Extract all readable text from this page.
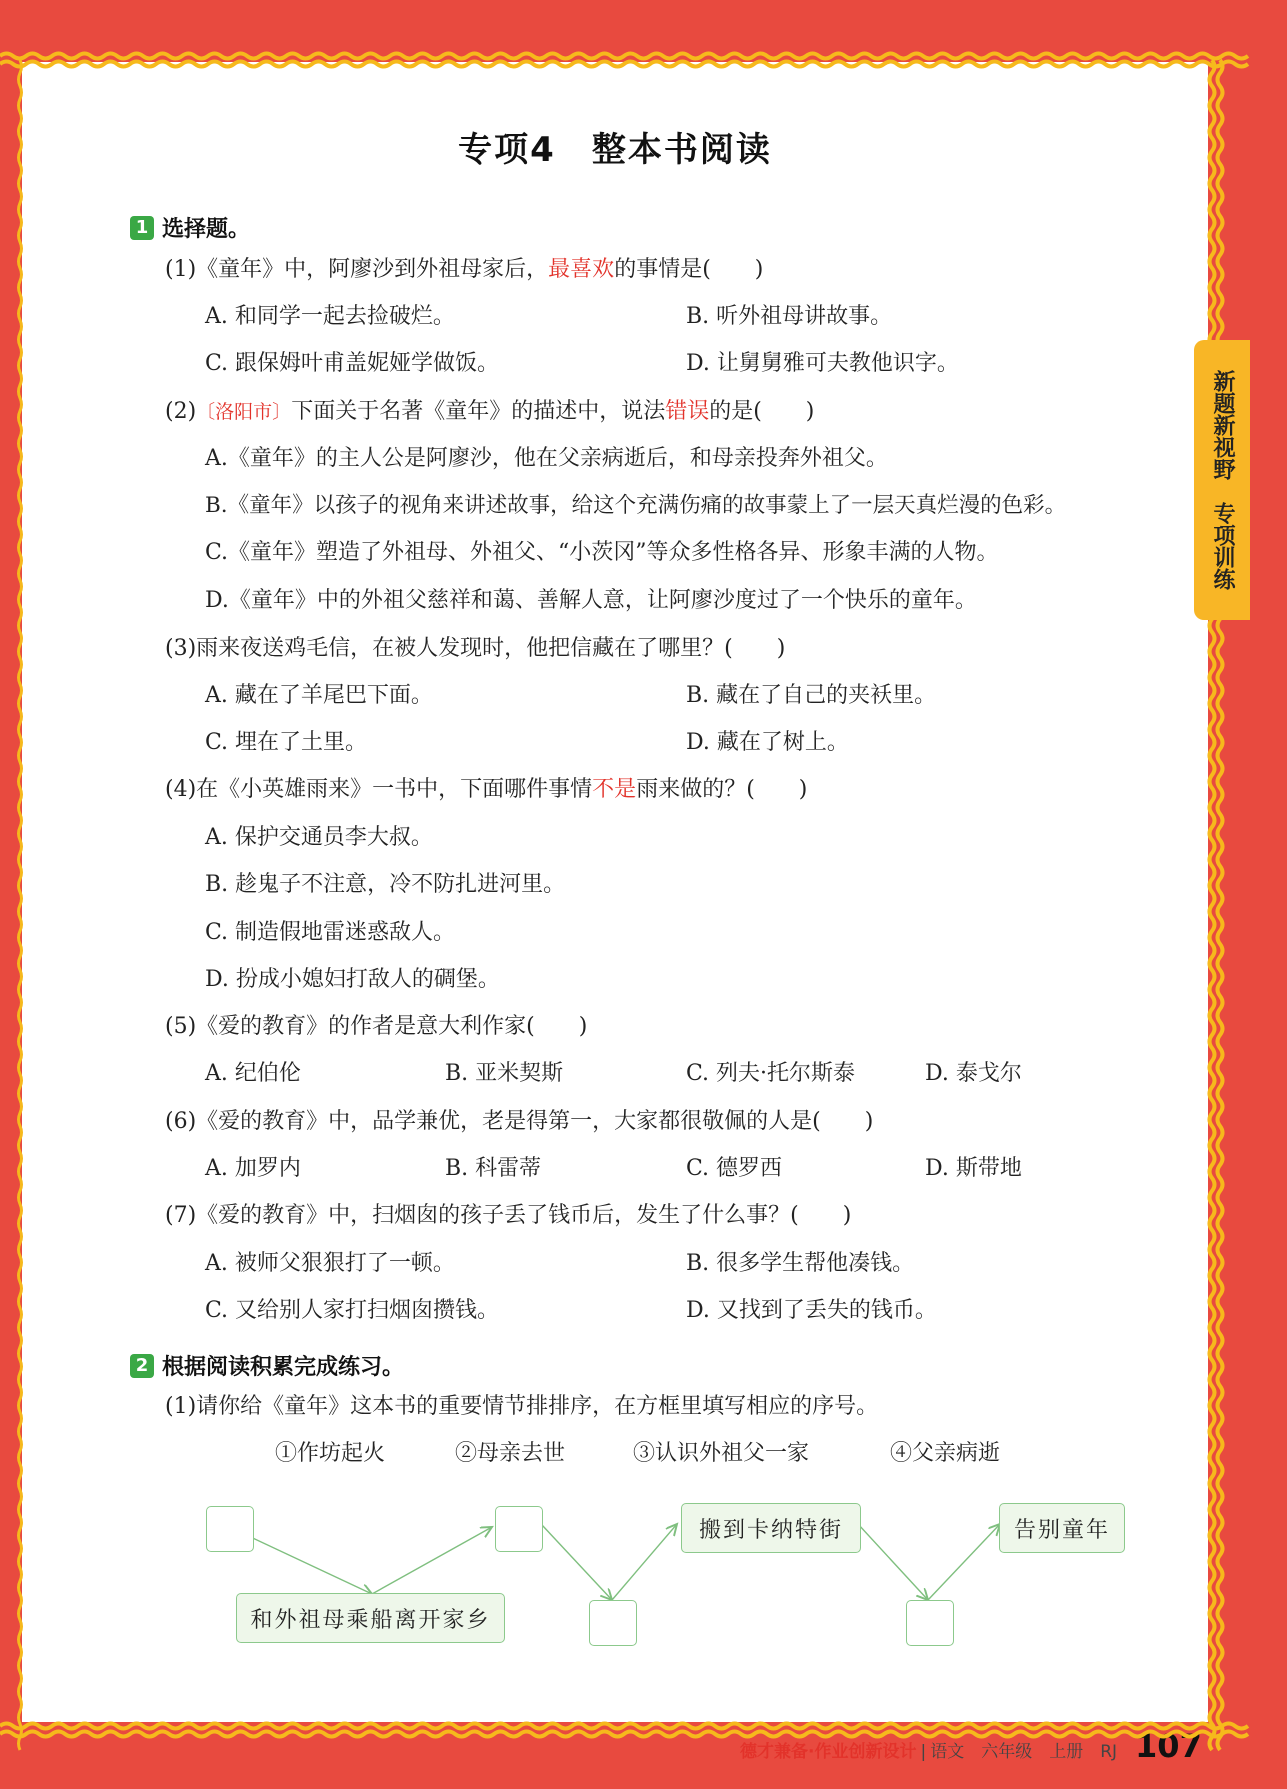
专项4　整本书阅读
1 选择题。
(1)《童年》中，阿廖沙到外祖母家后，最喜欢的事情是(　　)
A. 和同学一起去捡破烂。	B. 听外祖母讲故事。
C. 跟保姆叶甫盖妮娅学做饭。	D. 让舅舅雅可夫教他识字。
(2)〔洛阳市〕下面关于名著《童年》的描述中，说法错误的是(　　)
A.《童年》的主人公是阿廖沙，他在父亲病逝后，和母亲投奔外祖父。
B.《童年》以孩子的视角来讲述故事，给这个充满伤痛的故事蒙上了一层天真烂漫的色彩。
C.《童年》塑造了外祖母、外祖父、“小茨冈”等众多性格各异、形象丰满的人物。
D.《童年》中的外祖父慈祥和蔼、善解人意，让阿廖沙度过了一个快乐的童年。
(3)雨来夜送鸡毛信，在被人发现时，他把信藏在了哪里？(　　)
A. 藏在了羊尾巴下面。	B. 藏在了自己的夹袄里。
C. 埋在了土里。	D. 藏在了树上。
(4)在《小英雄雨来》一书中，下面哪件事情不是雨来做的？(　　)
A. 保护交通员李大叔。
B. 趁鬼子不注意，冷不防扎进河里。
C. 制造假地雷迷惑敌人。
D. 扮成小媳妇打敌人的碉堡。
(5)《爱的教育》的作者是意大利作家(　　)
A. 纪伯伦	B. 亚米契斯	C. 列夫·托尔斯泰	D. 泰戈尔
(6)《爱的教育》中，品学兼优，老是得第一，大家都很敬佩的人是(　　)
A. 加罗内	B. 科雷蒂	C. 德罗西	D. 斯带地
(7)《爱的教育》中，扫烟囱的孩子丢了钱币后，发生了什么事？(　　)
A. 被师父狠狠打了一顿。	B. 很多学生帮他凑钱。
C. 又给别人家打扫烟囱攒钱。	D. 又找到了丢失的钱币。
2 根据阅读积累完成练习。
(1)请你给《童年》这本书的重要情节排排序，在方框里填写相应的序号。
①作坊起火	②母亲去世	③认识外祖父一家	④父亲病逝
和外祖母乘船离开家乡
搬到卡纳特街	告别童年
德才兼备·作业创新设计 | 语文　六年级　上册　RJ 107
新题新视野　专项训练
